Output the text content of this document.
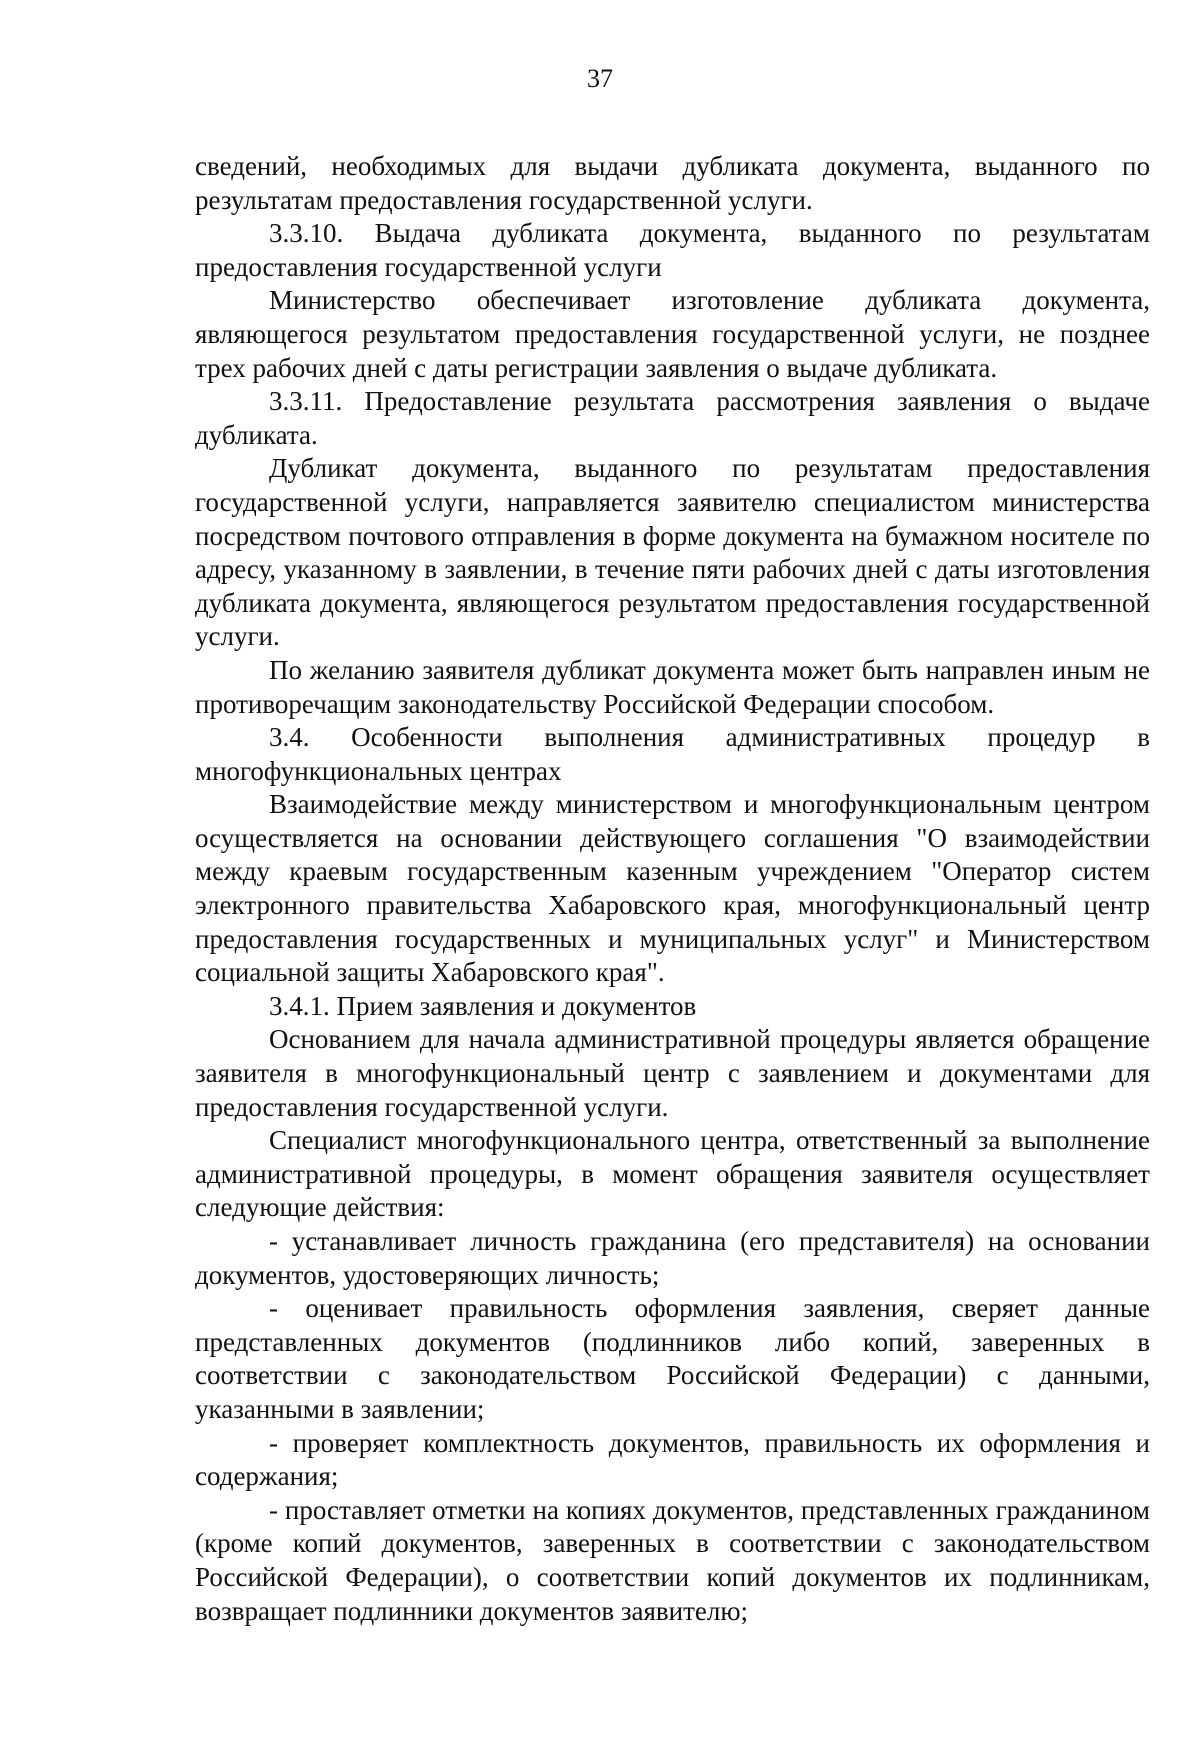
37

сведений, необходимых для выдачи дубликата документа, выданного по результатам предоставления государственной услуги.

3.3.10. Выдача дубликата документа, выданного по результатам предоставления государственной услуги

Министерство обеспечивает изготовление дубликата документа, являющегося результатом предоставления государственной услуги, не позднее трех рабочих дней с даты регистрации заявления о выдаче дубликата.

3.3.11. Предоставление результата рассмотрения заявления о выдаче дубликата.

Дубликат документа, выданного по результатам предоставления государственной услуги, направляется заявителю специалистом министерства посредством почтового отправления в форме документа на бумажном носителе по адресу, указанному в заявлении, в течение пяти рабочих дней с даты изготовления дубликата документа, являющегося результатом предоставления государственной услуги.

По желанию заявителя дубликат документа может быть направлен иным не противоречащим законодательству Российской Федерации способом.

3.4. Особенности выполнения административных процедур в многофункциональных центрах

Взаимодействие между министерством и многофункциональным центром осуществляется на основании действующего соглашения "О взаимодействии между краевым государственным казенным учреждением "Оператор систем электронного правительства Хабаровского края, многофункциональный центр предоставления государственных и муниципальных услуг" и Министерством социальной защиты Хабаровского края".

3.4.1. Прием заявления и документов

Основанием для начала административной процедуры является обращение заявителя в многофункциональный центр с заявлением и документами для предоставления государственной услуги.

Специалист многофункционального центра, ответственный за выполнение административной процедуры, в момент обращения заявителя осуществляет следующие действия:

- устанавливает личность гражданина (его представителя) на основании документов, удостоверяющих личность;

- оценивает правильность оформления заявления, сверяет данные представленных документов (подлинников либо копий, заверенных в соответствии с законодательством Российской Федерации) с данными, указанными в заявлении;

- проверяет комплектность документов, правильность их оформления и содержания;

- проставляет отметки на копиях документов, представленных гражданином (кроме копий документов, заверенных в соответствии с законодательством Российской Федерации), о соответствии копий документов их подлинникам, возвращает подлинники документов заявителю;
